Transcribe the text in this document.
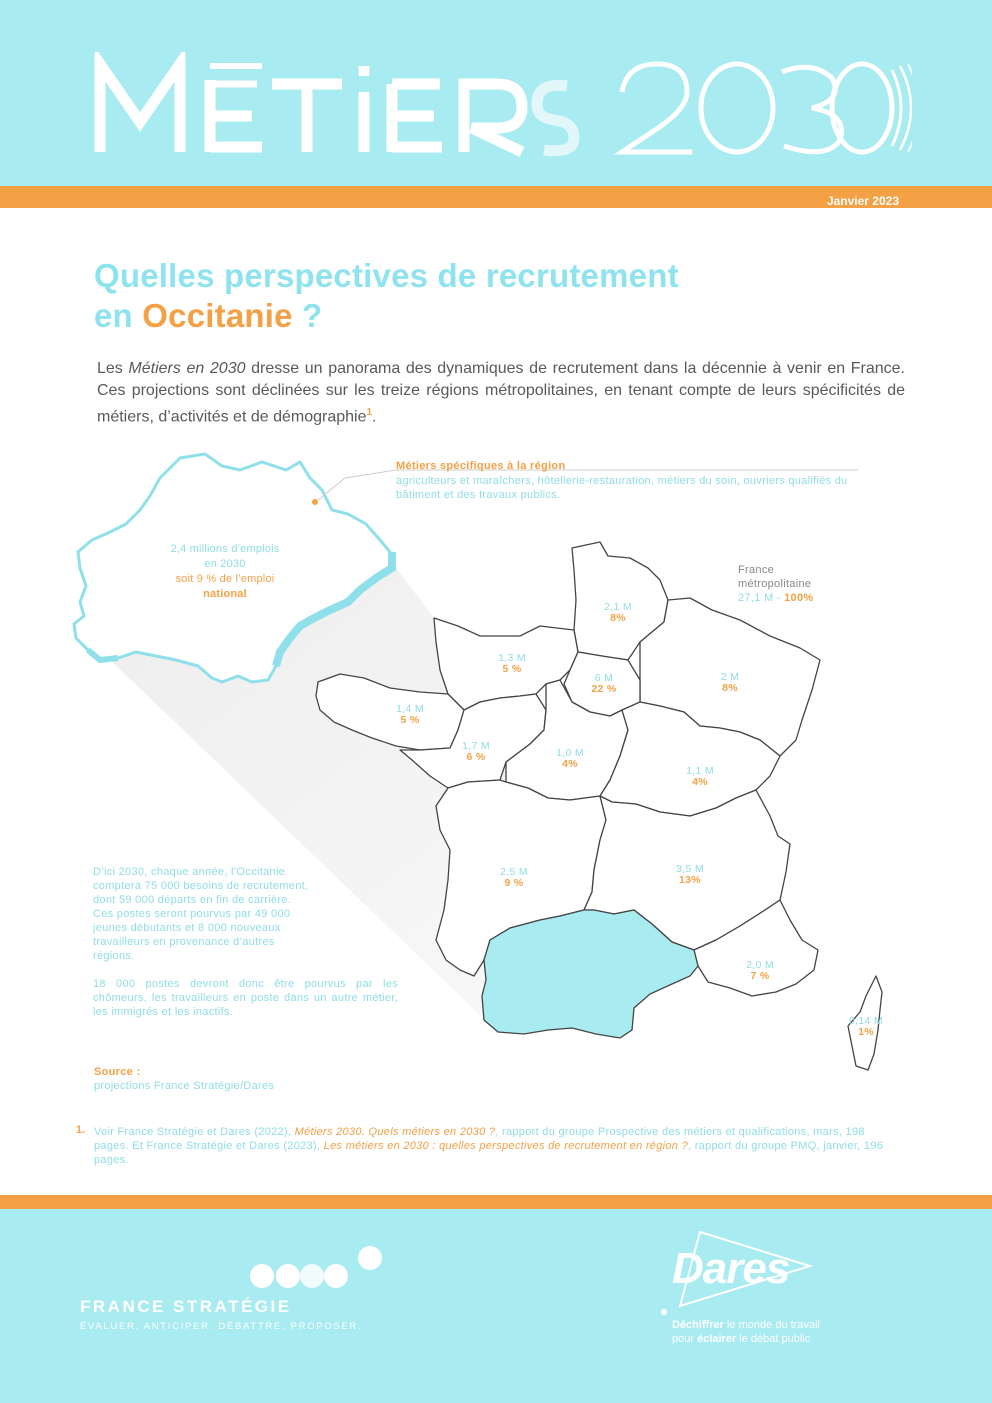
Janvier 2023
Quelles perspectives de recrutement
en Occitanie ?
Les Métiers en 2030 dresse un panorama des dynamiques de recrutement dans la décennie à venir en France. Ces projections sont déclinées sur les treize régions métropolitaines, en tenant compte de leurs spécificités de métiers, d’activités et de démographie$^1$.
Métiers spécifiques à la région
agriculteurs et maraîchers, hôtellerie-restauration, métiers du soin, ouvriers qualifiés du bâtiment et des travaux publics.
2,4 millions d’emplois
en 2030
soit 9 % de l’emploi
national
France
métropolitaine
27,1 M - 100%
2,1 M
8%
1,3 M
5 %
6 M
22 %
2 M
8%
1,4 M
5 %
1,7 M
6 %	1,0 M
4%
1,1 M
4%
2,5 M
9 %
3,5 M
13%
2,0 M
7 %
0,14 M
1%
D’ici 2030, chaque année, l’Occitanie comptera 75 000 besoins de recrutement, dont 59 000 départs en fin de carrière. Ces postes seront pourvus par 49 000 jeunes débutants et 8 000 nouveaux travailleurs en provenance d’autres régions.
18 000 postes devront donc être pourvus par les chômeurs, les travailleurs en poste dans un autre métier, les immigrés et les inactifs.
Source :
projections France Stratégie/Dares
1. Voir France Stratégie et Dares (2022), Métiers 2030. Quels métiers en 2030 ?, rapport du groupe Prospective des métiers et qualifications, mars, 198 pages. Et France Stratégie et Dares (2023), Les métiers en 2030 : quelles perspectives de recrutement en région ?, rapport du groupe PMQ, janvier, 196 pages.
FRANCE STRATÉGIE
ÉVALUER. ANTICIPER. DÉBATTRE. PROPOSER.
Dares
Déchiffrer le monde du travail
pour éclairer le débat public
